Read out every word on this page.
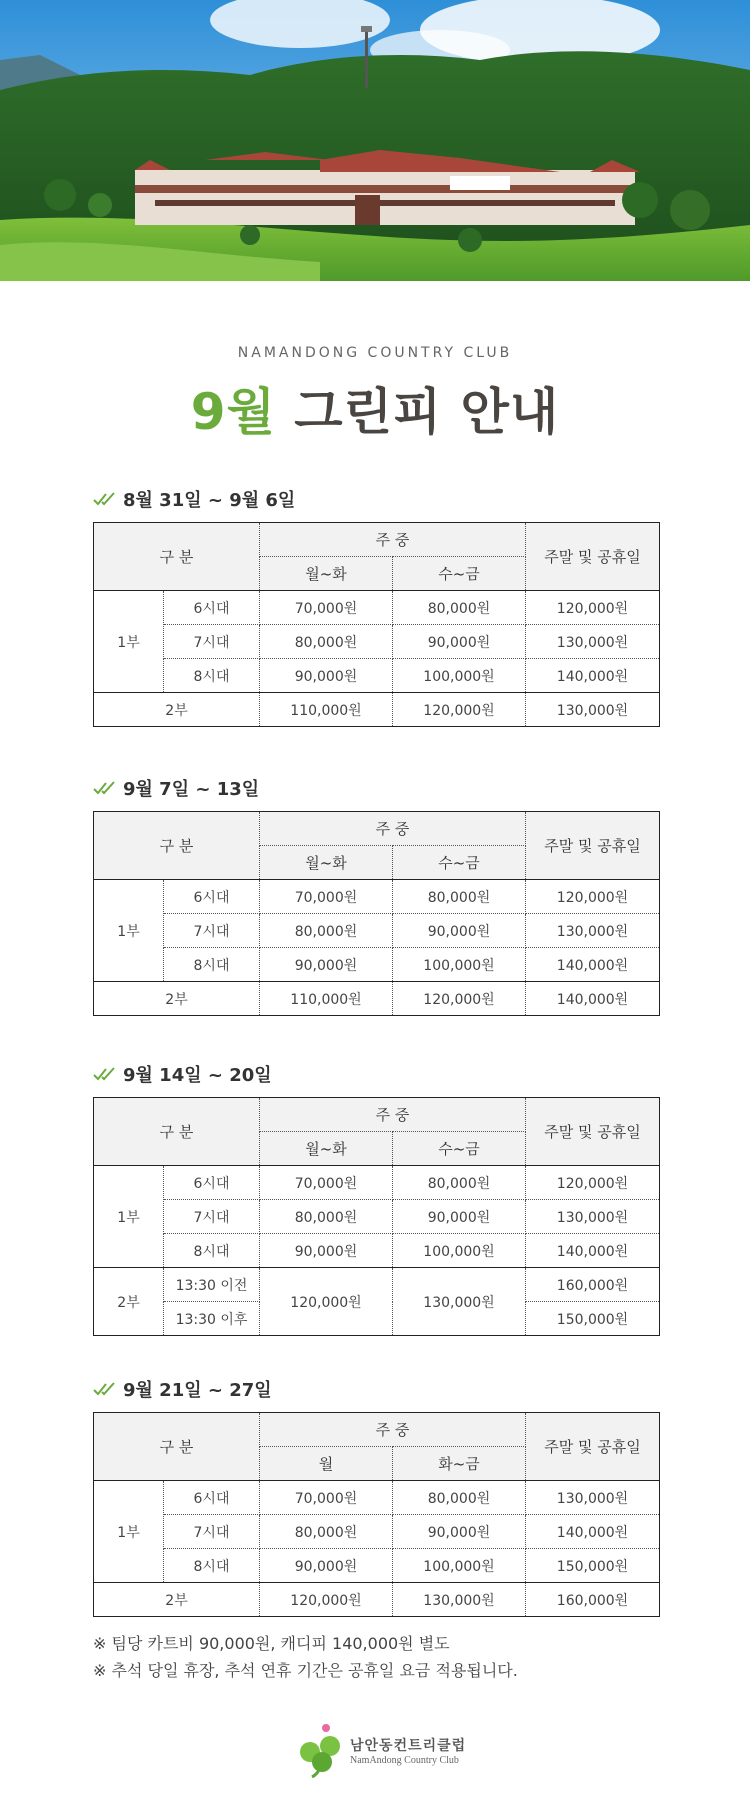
NAMANDONG COUNTRY CLUB
9월 그린피 안내
8월 31일 ~ 9월 6일
구 분		주 중		주말 및 공휴일
		월~화	수~금	
1부	6시대	70,000원	80,000원	120,000원
	7시대	80,000원	90,000원	130,000원
	8시대	90,000원	100,000원	140,000원
2부		110,000원	120,000원	130,000원
9월 7일 ~ 13일
구 분		주 중		주말 및 공휴일
		월~화	수~금	
1부	6시대	70,000원	80,000원	120,000원
	7시대	80,000원	90,000원	130,000원
	8시대	90,000원	100,000원	140,000원
2부		110,000원	120,000원	140,000원
9월 14일 ~ 20일
구 분		주 중		주말 및 공휴일
		월~화	수~금	
1부	6시대	70,000원	80,000원	120,000원
	7시대	80,000원	90,000원	130,000원
	8시대	90,000원	100,000원	140,000원
2부	13:30 이전	120,000원	130,000원	160,000원
	13:30 이후			150,000원
9월 21일 ~ 27일
구 분		주 중		주말 및 공휴일
		월	화~금	
1부	6시대	70,000원	80,000원	130,000원
	7시대	80,000원	90,000원	140,000원
	8시대	90,000원	100,000원	150,000원
2부		120,000원	130,000원	160,000원
※ 팀당 카트비 90,000원, 캐디피 140,000원 별도
※ 추석 당일 휴장, 추석 연휴 기간은 공휴일 요금 적용됩니다.
남안동컨트리클럽
NamAndong Country Club
